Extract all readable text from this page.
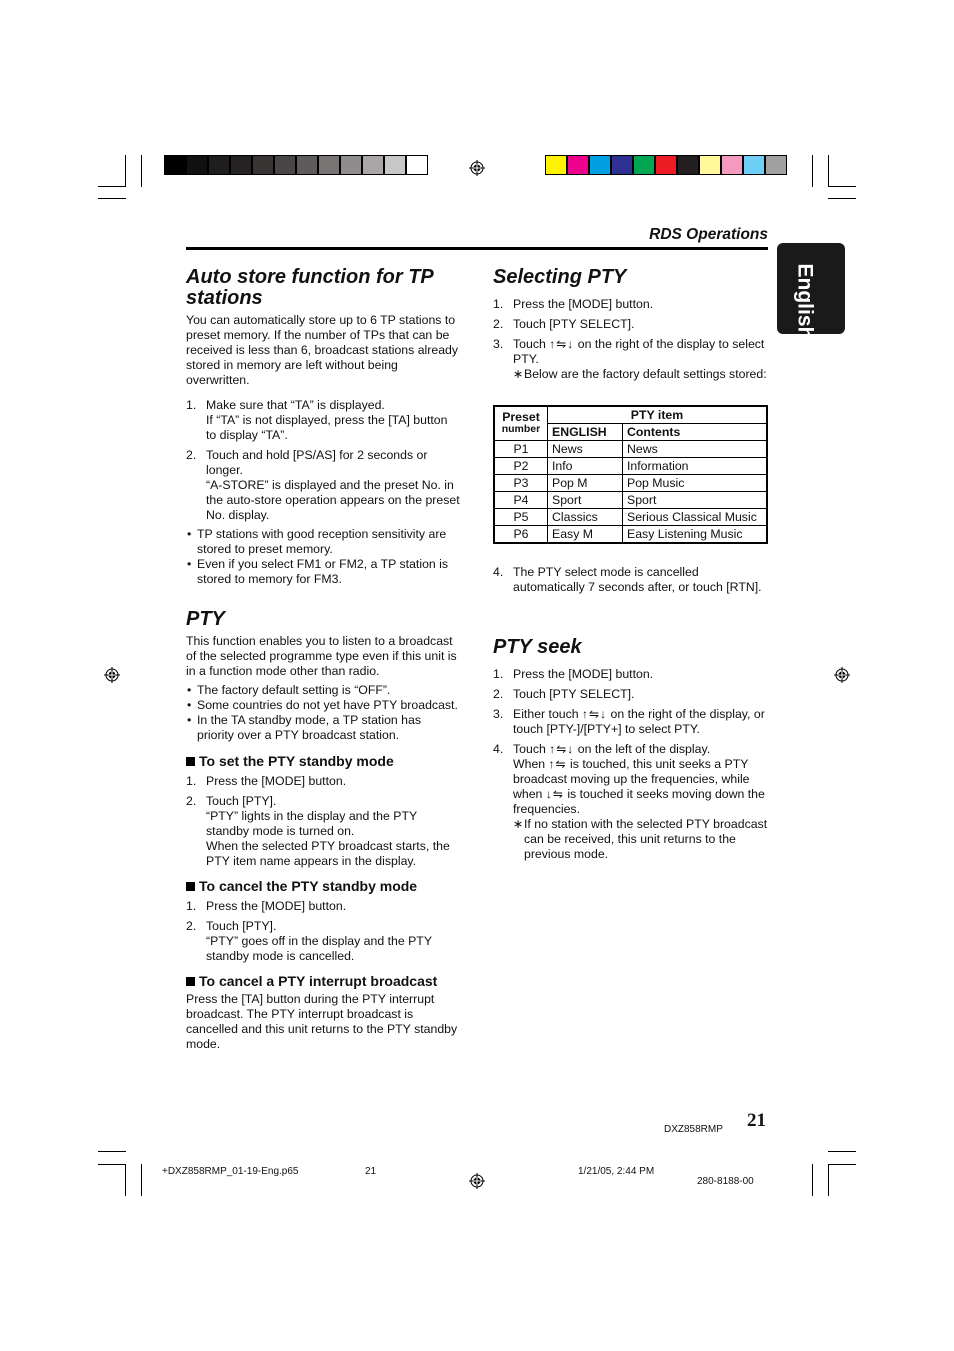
RDS Operations
English
Auto store function for TP stations

You can automatically store up to 6 TP stations to preset memory. If the number of TPs that can be received is less than 6, broadcast stations already stored in memory are left without being overwritten.

1. Make sure that “TA” is displayed.
If “TA” is not displayed, press the [TA] button to display “TA”.
2. Touch and hold [PS/AS] for 2 seconds or longer.
“A-STORE” is displayed and the preset No. in the auto-store operation appears on the preset No. display.
• TP stations with good reception sensitivity are stored to preset memory.
• Even if you select FM1 or FM2, a TP station is stored to memory for FM3.
PTY

This function enables you to listen to a broadcast of the selected programme type even if this unit is in a function mode other than radio.

• The factory default setting is “OFF”.
• Some countries do not yet have PTY broadcast.
• In the TA standby mode, a TP station has priority over a PTY broadcast station.
To set the PTY standby mode
1. Press the [MODE] button.
2. Touch [PTY].
“PTY” lights in the display and the PTY standby mode is turned on.
When the selected PTY broadcast starts, the PTY item name appears in the display.
To cancel the PTY standby mode
1. Press the [MODE] button.
2. Touch [PTY].
“PTY” goes off in the display and the PTY standby mode is cancelled.
To cancel a PTY interrupt broadcast

Press the [TA] button during the PTY interrupt broadcast. The PTY interrupt broadcast is cancelled and this unit returns to the PTY standby mode.

Selecting PTY
1. Press the [MODE] button.
2. Touch [PTY SELECT].
3. Touch ↑⇋↓ on the right of the display to select PTY.
∗ Below are the factory default settings stored:
Preset
number	PTY item	
	ENGLISH	Contents
P1	News	News
P2	Info	Information
P3	Pop M	Pop Music
P4	Sport	Sport
P5	Classics	Serious Classical Music
P6	Easy M	Easy Listening Music
4. The PTY select mode is cancelled automatically 7 seconds after, or touch [RTN].
PTY seek
1. Press the [MODE] button.
2. Touch [PTY SELECT].
3. Either touch ↑⇋↓ on the right of the display, or touch [PTY-]/[PTY+] to select PTY.
4. Touch ↑⇋↓ on the left of the display.
When ↑⇋ is touched, this unit seeks a PTY broadcast moving up the frequencies, while when ↓⇋ is touched it seeks moving down the frequencies.
∗ If no station with the selected PTY broadcast can be received, this unit returns to the previous mode.
DXZ858RMP 21
+DXZ858RMP_01-19-Eng.p65	21	1/21/05, 2:44 PM
280-8188-00
